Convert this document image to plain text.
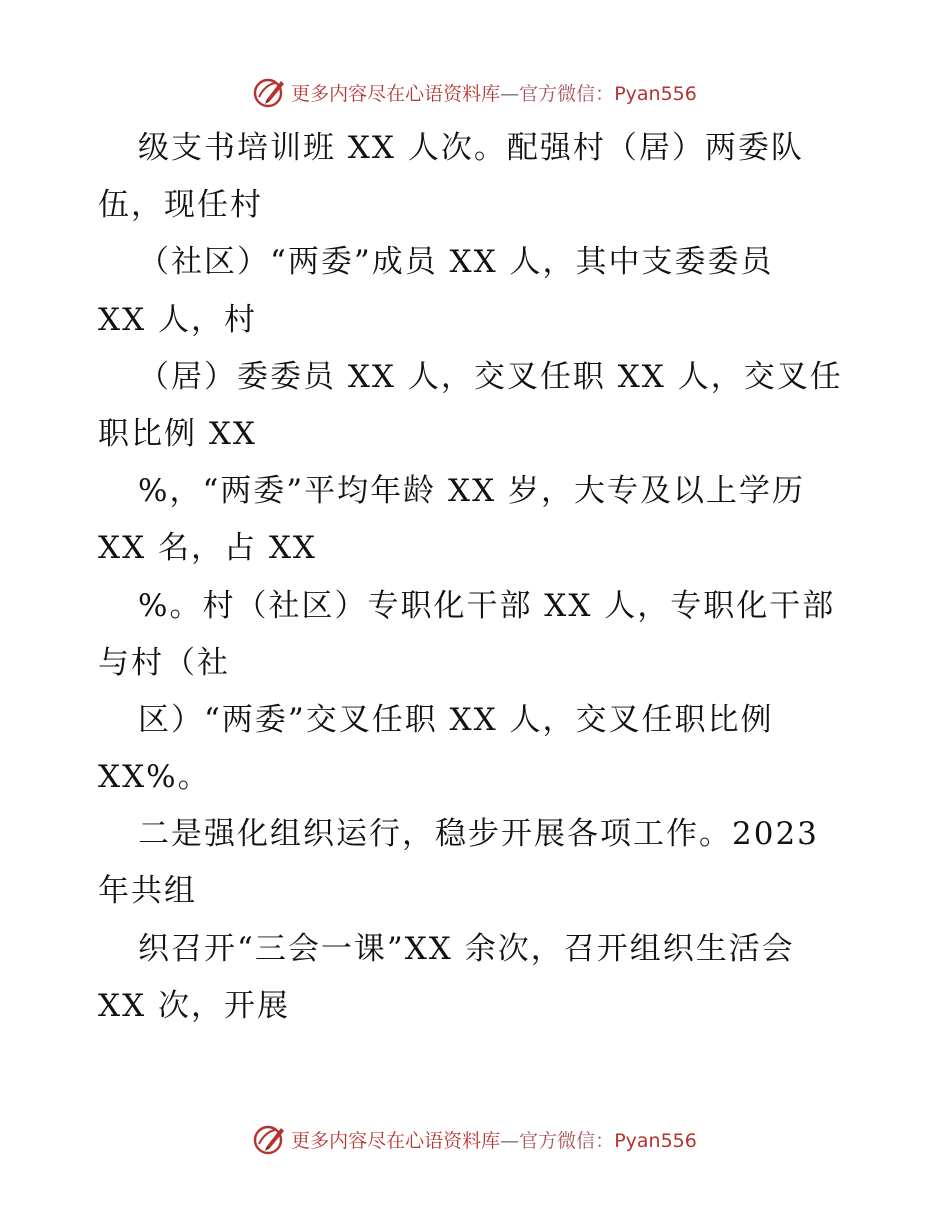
更多内容尽在心语资料库—官方微信：Pyan556
级支书培训班 XX 人次。配强村（居）两委队
伍，现任村
（社区）“两委”成员 XX 人，其中支委委员
XX 人，村
（居）委委员 XX 人，交叉任职 XX 人，交叉任
职比例 XX
%，“两委”平均年龄 XX 岁，大专及以上学历
XX 名，占 XX
%。村（社区）专职化干部 XX 人，专职化干部
与村（社
区）“两委”交叉任职 XX 人，交叉任职比例
XX%。
二是强化组织运行，稳步开展各项工作。2023
年共组
织召开“三会一课”XX 余次，召开组织生活会
XX 次，开展
更多内容尽在心语资料库—官方微信：Pyan556
